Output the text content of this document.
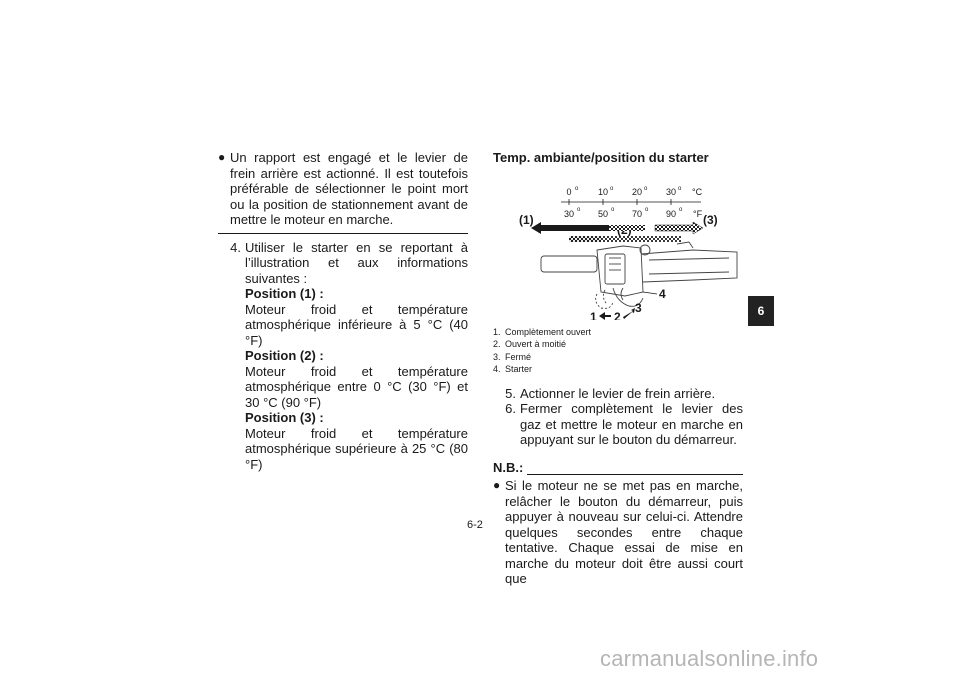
● Un rapport est engagé et le levier de frein arrière est actionné. Il est toutefois préférable de sélectionner le point mort ou la position de stationnement avant de mettre le moteur en marche.
4. Utiliser le starter en se reportant à l’illustration et aux informations suivantes :
Position (1) :
Moteur froid et température atmosphérique inférieure à 5 °C (40 °F)
Position (2) :
Moteur froid et température atmosphérique entre 0 °C (30 °F) et 30 °C (90 °F)
Position (3) :
Moteur froid et température atmosphérique supérieure à 25 °C (80 °F)
Temp. ambiante/position du starter
0	10	20	30 °C
o	o	o	o
30	50	70	90 °F
o	o	o	o
(1)	(3)
1 2
3
4
1. Complètement ouvert
2. Ouvert à moitié
3. Fermé
4. Starter
5. Actionner le levier de frein arrière.
6. Fermer complètement le levier des gaz et mettre le moteur en marche en appuyant sur le bouton du démarreur.
N.B.:
● Si le moteur ne se met pas en marche, relâcher le bouton du démarreur, puis appuyer à nouveau sur celui-ci. Attendre quelques secondes entre chaque tentative. Chaque essai de mise en marche du moteur doit être aussi court que
6
6-2
carmanualsonline.info
